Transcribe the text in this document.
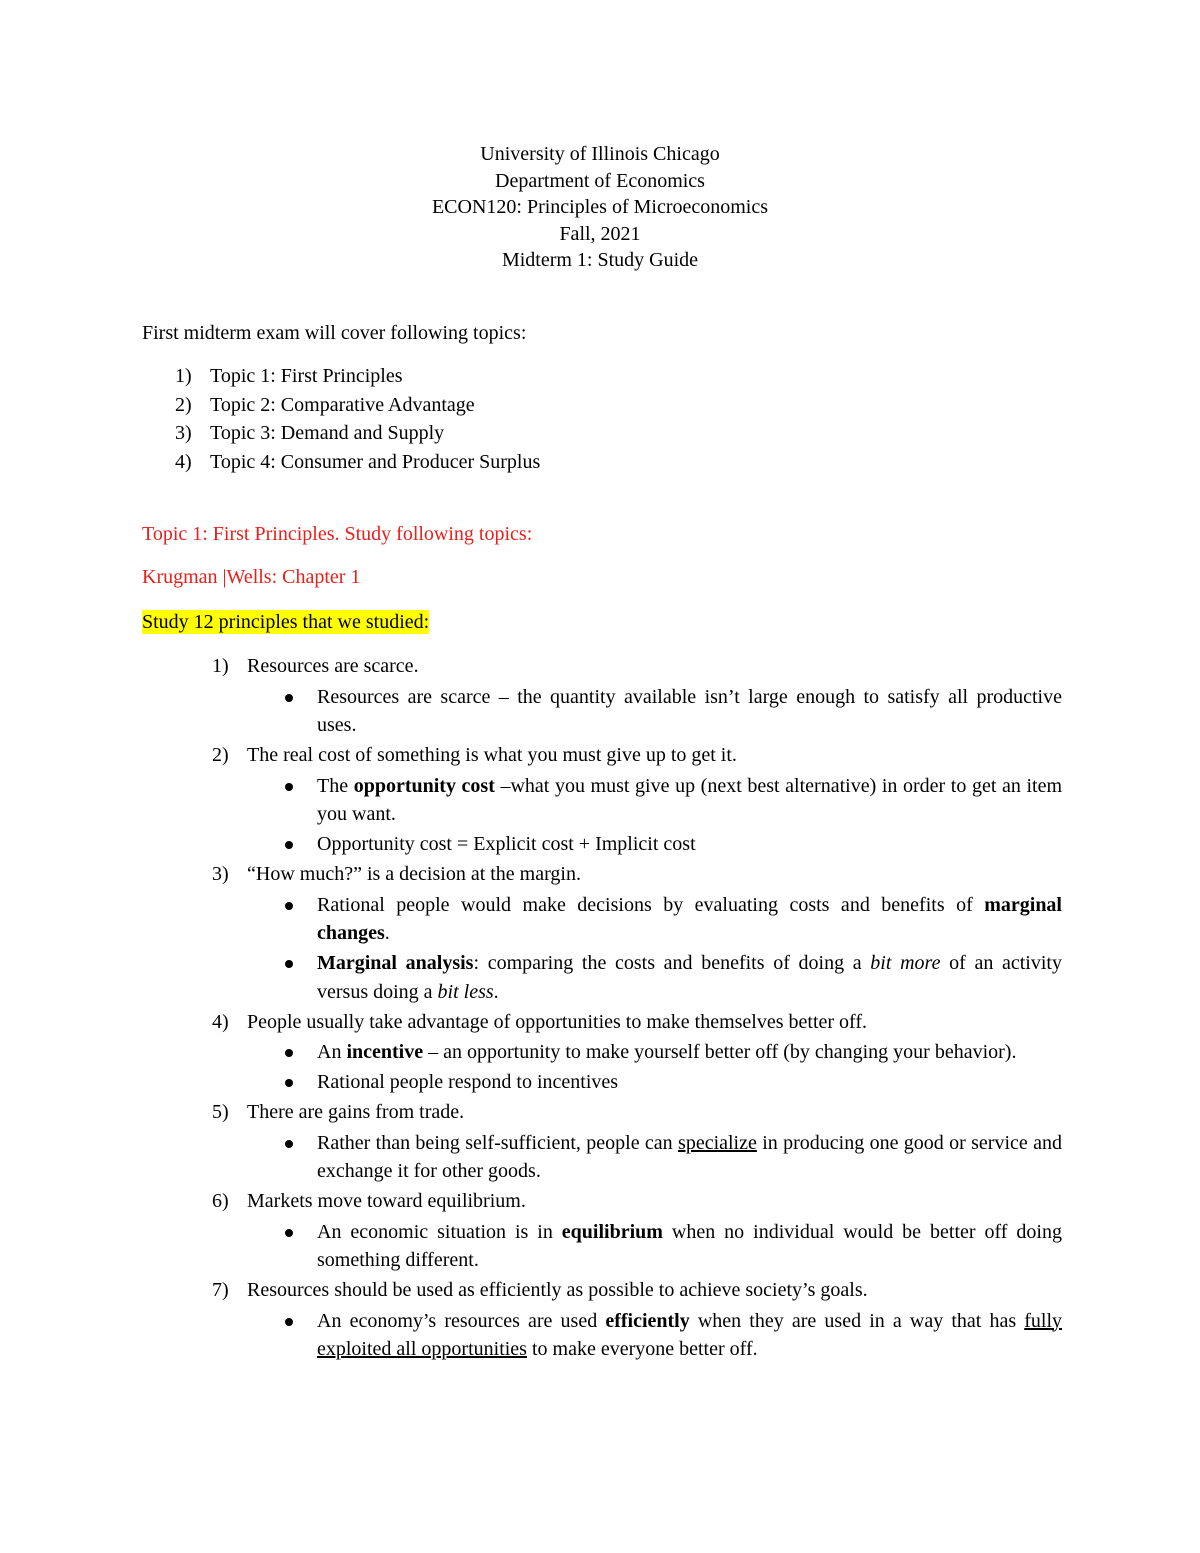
University of Illinois Chicago
Department of Economics
ECON120: Principles of Microeconomics
Fall, 2021
Midterm 1: Study Guide
First midterm exam will cover following topics:
1) Topic 1: First Principles
2) Topic 2: Comparative Advantage
3) Topic 3: Demand and Supply
4) Topic 4: Consumer and Producer Surplus
Topic 1: First Principles. Study following topics:
Krugman |Wells: Chapter 1
Study 12 principles that we studied:
1) Resources are scarce.
Resources are scarce – the quantity available isn’t large enough to satisfy all productive uses.
2) The real cost of something is what you must give up to get it.
The opportunity cost –what you must give up (next best alternative) in order to get an item you want.
Opportunity cost = Explicit cost + Implicit cost
3) “How much?” is a decision at the margin.
Rational people would make decisions by evaluating costs and benefits of marginal changes.
Marginal analysis: comparing the costs and benefits of doing a bit more of an activity versus doing a bit less.
4) People usually take advantage of opportunities to make themselves better off.
An incentive – an opportunity to make yourself better off (by changing your behavior).
Rational people respond to incentives
5) There are gains from trade.
Rather than being self-sufficient, people can specialize in producing one good or service and exchange it for other goods.
6) Markets move toward equilibrium.
An economic situation is in equilibrium when no individual would be better off doing something different.
7) Resources should be used as efficiently as possible to achieve society’s goals.
An economy’s resources are used efficiently when they are used in a way that has fully exploited all opportunities to make everyone better off.
